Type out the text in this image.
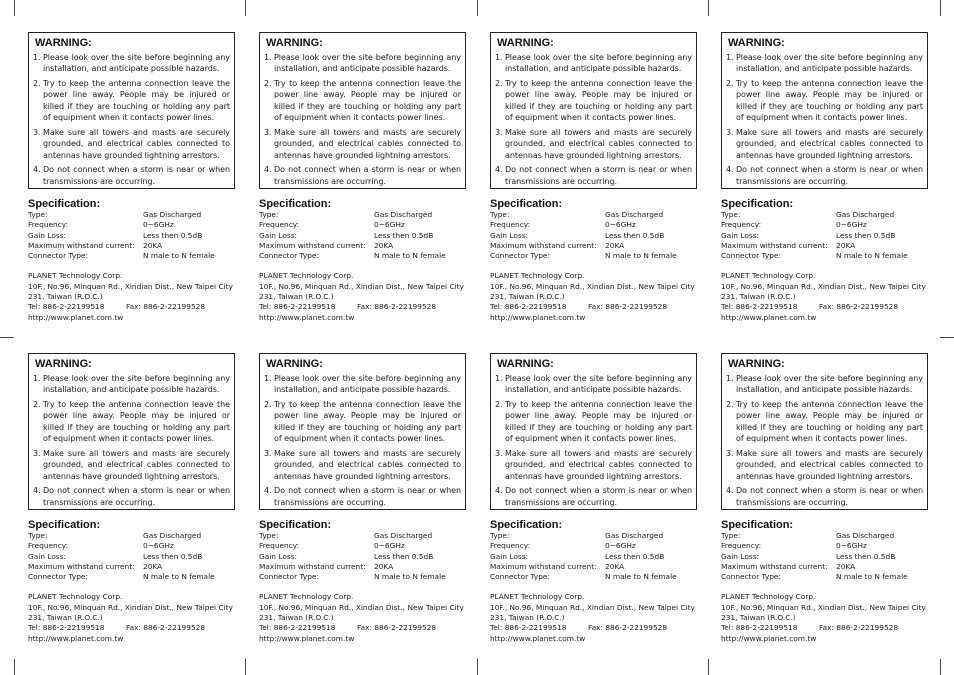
WARNING:
1. Please look over the site before beginning any installation, and anticipate possible hazards.
2. Try to keep the antenna connection leave the power line away. People may be injured or killed if they are touching or holding any part of equipment when it contacts power lines.
3. Make sure all towers and masts are securely grounded, and electrical cables connected to antennas have grounded lightning arrestors.
4. Do not connect when a storm is near or when transmissions are occurring.
Specification:
Type:	Gas Discharged
Frequency:	0~6GHz
Gain Loss:	Less then 0.5dB
Maximum withstand current: 20KA
Connector Type:	N male to N female
PLANET Technology Corp.
10F., No.96, Minquan Rd., Xindian Dist., New Taipei City
231, Taiwan (R.O.C.)
Tel: 886-2-22199518	Fax: 886-2-22199528
http://www.planet.com.tw
WARNING:
1. Please look over the site before beginning any installation, and anticipate possible hazards.
2. Try to keep the antenna connection leave the power line away. People may be injured or killed if they are touching or holding any part of equipment when it contacts power lines.
3. Make sure all towers and masts are securely grounded, and electrical cables connected to antennas have grounded lightning arrestors.
4. Do not connect when a storm is near or when transmissions are occurring.
Specification:
Type:	Gas Discharged
Frequency:	0~6GHz
Gain Loss:	Less then 0.5dB
Maximum withstand current: 20KA
Connector Type:	N male to N female
PLANET Technology Corp.
10F., No.96, Minquan Rd., Xindian Dist., New Taipei City
231, Taiwan (R.O.C.)
Tel: 886-2-22199518	Fax: 886-2-22199528
http://www.planet.com.tw
WARNING:
1. Please look over the site before beginning any installation, and anticipate possible hazards.
2. Try to keep the antenna connection leave the power line away. People may be injured or killed if they are touching or holding any part of equipment when it contacts power lines.
3. Make sure all towers and masts are securely grounded, and electrical cables connected to antennas have grounded lightning arrestors.
4. Do not connect when a storm is near or when transmissions are occurring.
Specification:
Type:	Gas Discharged
Frequency:	0~6GHz
Gain Loss:	Less then 0.5dB
Maximum withstand current: 20KA
Connector Type:	N male to N female
PLANET Technology Corp.
10F., No.96, Minquan Rd., Xindian Dist., New Taipei City
231, Taiwan (R.O.C.)
Tel: 886-2-22199518	Fax: 886-2-22199528
http://www.planet.com.tw
WARNING:
1. Please look over the site before beginning any installation, and anticipate possible hazards.
2. Try to keep the antenna connection leave the power line away. People may be injured or killed if they are touching or holding any part of equipment when it contacts power lines.
3. Make sure all towers and masts are securely grounded, and electrical cables connected to antennas have grounded lightning arrestors.
4. Do not connect when a storm is near or when transmissions are occurring.
Specification:
Type:	Gas Discharged
Frequency:	0~6GHz
Gain Loss:	Less then 0.5dB
Maximum withstand current: 20KA
Connector Type:	N male to N female
PLANET Technology Corp.
10F., No.96, Minquan Rd., Xindian Dist., New Taipei City
231, Taiwan (R.O.C.)
Tel: 886-2-22199518	Fax: 886-2-22199528
http://www.planet.com.tw
WARNING:
1. Please look over the site before beginning any installation, and anticipate possible hazards.
2. Try to keep the antenna connection leave the power line away. People may be injured or killed if they are touching or holding any part of equipment when it contacts power lines.
3. Make sure all towers and masts are securely grounded, and electrical cables connected to antennas have grounded lightning arrestors.
4. Do not connect when a storm is near or when transmissions are occurring.
Specification:
Type:	Gas Discharged
Frequency:	0~6GHz
Gain Loss:	Less then 0.5dB
Maximum withstand current: 20KA
Connector Type:	N male to N female
PLANET Technology Corp.
10F., No.96, Minquan Rd., Xindian Dist., New Taipei City
231, Taiwan (R.O.C.)
Tel: 886-2-22199518	Fax: 886-2-22199528
http://www.planet.com.tw
WARNING:
1. Please look over the site before beginning any installation, and anticipate possible hazards.
2. Try to keep the antenna connection leave the power line away. People may be injured or killed if they are touching or holding any part of equipment when it contacts power lines.
3. Make sure all towers and masts are securely grounded, and electrical cables connected to antennas have grounded lightning arrestors.
4. Do not connect when a storm is near or when transmissions are occurring.
Specification:
Type:	Gas Discharged
Frequency:	0~6GHz
Gain Loss:	Less then 0.5dB
Maximum withstand current: 20KA
Connector Type:	N male to N female
PLANET Technology Corp.
10F., No.96, Minquan Rd., Xindian Dist., New Taipei City
231, Taiwan (R.O.C.)
Tel: 886-2-22199518	Fax: 886-2-22199528
http://www.planet.com.tw
WARNING:
1. Please look over the site before beginning any installation, and anticipate possible hazards.
2. Try to keep the antenna connection leave the power line away. People may be injured or killed if they are touching or holding any part of equipment when it contacts power lines.
3. Make sure all towers and masts are securely grounded, and electrical cables connected to antennas have grounded lightning arrestors.
4. Do not connect when a storm is near or when transmissions are occurring.
Specification:
Type:	Gas Discharged
Frequency:	0~6GHz
Gain Loss:	Less then 0.5dB
Maximum withstand current: 20KA
Connector Type:	N male to N female
PLANET Technology Corp.
10F., No.96, Minquan Rd., Xindian Dist., New Taipei City
231, Taiwan (R.O.C.)
Tel: 886-2-22199518	Fax: 886-2-22199528
http://www.planet.com.tw
WARNING:
1. Please look over the site before beginning any installation, and anticipate possible hazards.
2. Try to keep the antenna connection leave the power line away. People may be injured or killed if they are touching or holding any part of equipment when it contacts power lines.
3. Make sure all towers and masts are securely grounded, and electrical cables connected to antennas have grounded lightning arrestors.
4. Do not connect when a storm is near or when transmissions are occurring.
Specification:
Type:	Gas Discharged
Frequency:	0~6GHz
Gain Loss:	Less then 0.5dB
Maximum withstand current: 20KA
Connector Type:	N male to N female
PLANET Technology Corp.
10F., No.96, Minquan Rd., Xindian Dist., New Taipei City
231, Taiwan (R.O.C.)
Tel: 886-2-22199518	Fax: 886-2-22199528
http://www.planet.com.tw
